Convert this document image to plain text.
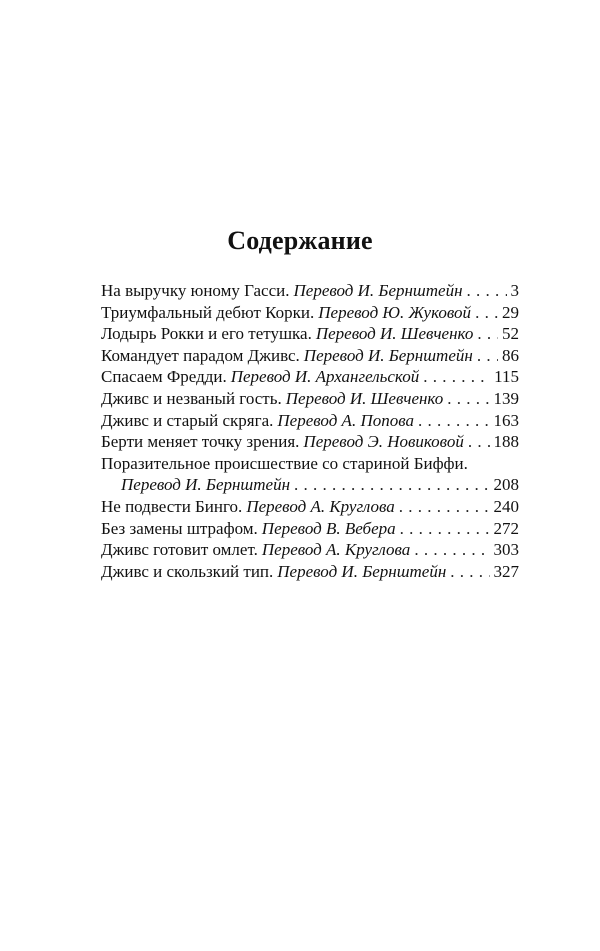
Содержание
На выручку юному Гасси. Перевод И. Бернштейн . . .	3
Триумфальный дебют Корки. Перевод Ю. Жуковой . . . 29
Лодырь Рокки и его тетушка. Перевод И. Шевченко . . . 52
Командует парадом Дживс. Перевод И. Бернштейн . . . 86
Спасаем Фредди. Перевод И. Архангельской . . .	115
Дживс и незваный гость. Перевод И. Шевченко . . .	139
Дживс и старый скряга. Перевод А. Попова . . .	163
Берти меняет точку зрения. Перевод Э. Новиковой . . . 188
Поразительное происшествие со стариной Биффи.
Перевод И. Бернштейн . . .	208
Не подвести Бинго. Перевод А. Круглова . . .	240
Без замены штрафом. Перевод В. Вебера . . .	272
Дживс готовит омлет. Перевод А. Круглова . . .	303
Дживс и скользкий тип. Перевод И. Бернштейн . . .	327
